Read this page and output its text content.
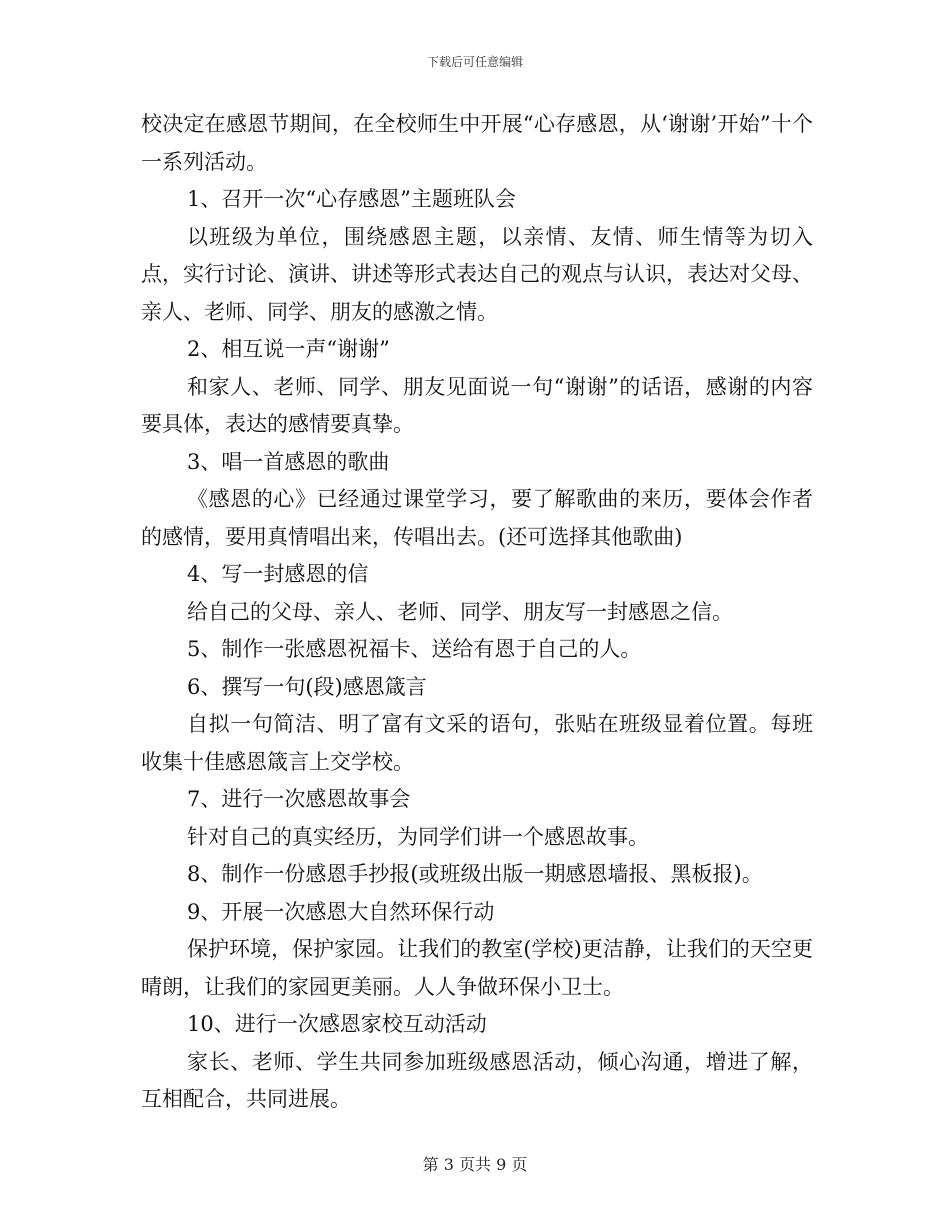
下载后可任意编辑

校决定在感恩节期间，在全校师生中开展“心存感恩，从‘谢谢’开始”十个一系列活动。

1、召开一次“心存感恩”主题班队会

以班级为单位，围绕感恩主题，以亲情、友情、师生情等为切入点，实行讨论、演讲、讲述等形式表达自己的观点与认识，表达对父母、亲人、老师、同学、朋友的感激之情。

2、相互说一声“谢谢”

和家人、老师、同学、朋友见面说一句“谢谢”的话语，感谢的内容要具体，表达的感情要真挚。

3、唱一首感恩的歌曲

《感恩的心》已经通过课堂学习，要了解歌曲的来历，要体会作者的感情，要用真情唱出来，传唱出去。(还可选择其他歌曲)

4、写一封感恩的信

给自己的父母、亲人、老师、同学、朋友写一封感恩之信。

5、制作一张感恩祝福卡、送给有恩于自己的人。

6、撰写一句(段)感恩箴言

自拟一句简洁、明了富有文采的语句，张贴在班级显着位置。每班收集十佳感恩箴言上交学校。

7、进行一次感恩故事会

针对自己的真实经历，为同学们讲一个感恩故事。

8、制作一份感恩手抄报(或班级出版一期感恩墙报、黑板报)。

9、开展一次感恩大自然环保行动

保护环境，保护家园。让我们的教室(学校)更洁静，让我们的天空更晴朗，让我们的家园更美丽。人人争做环保小卫士。

10、进行一次感恩家校互动活动

家长、老师、学生共同参加班级感恩活动，倾心沟通，增进了解，互相配合，共同进展。

第 3 页共 9 页
